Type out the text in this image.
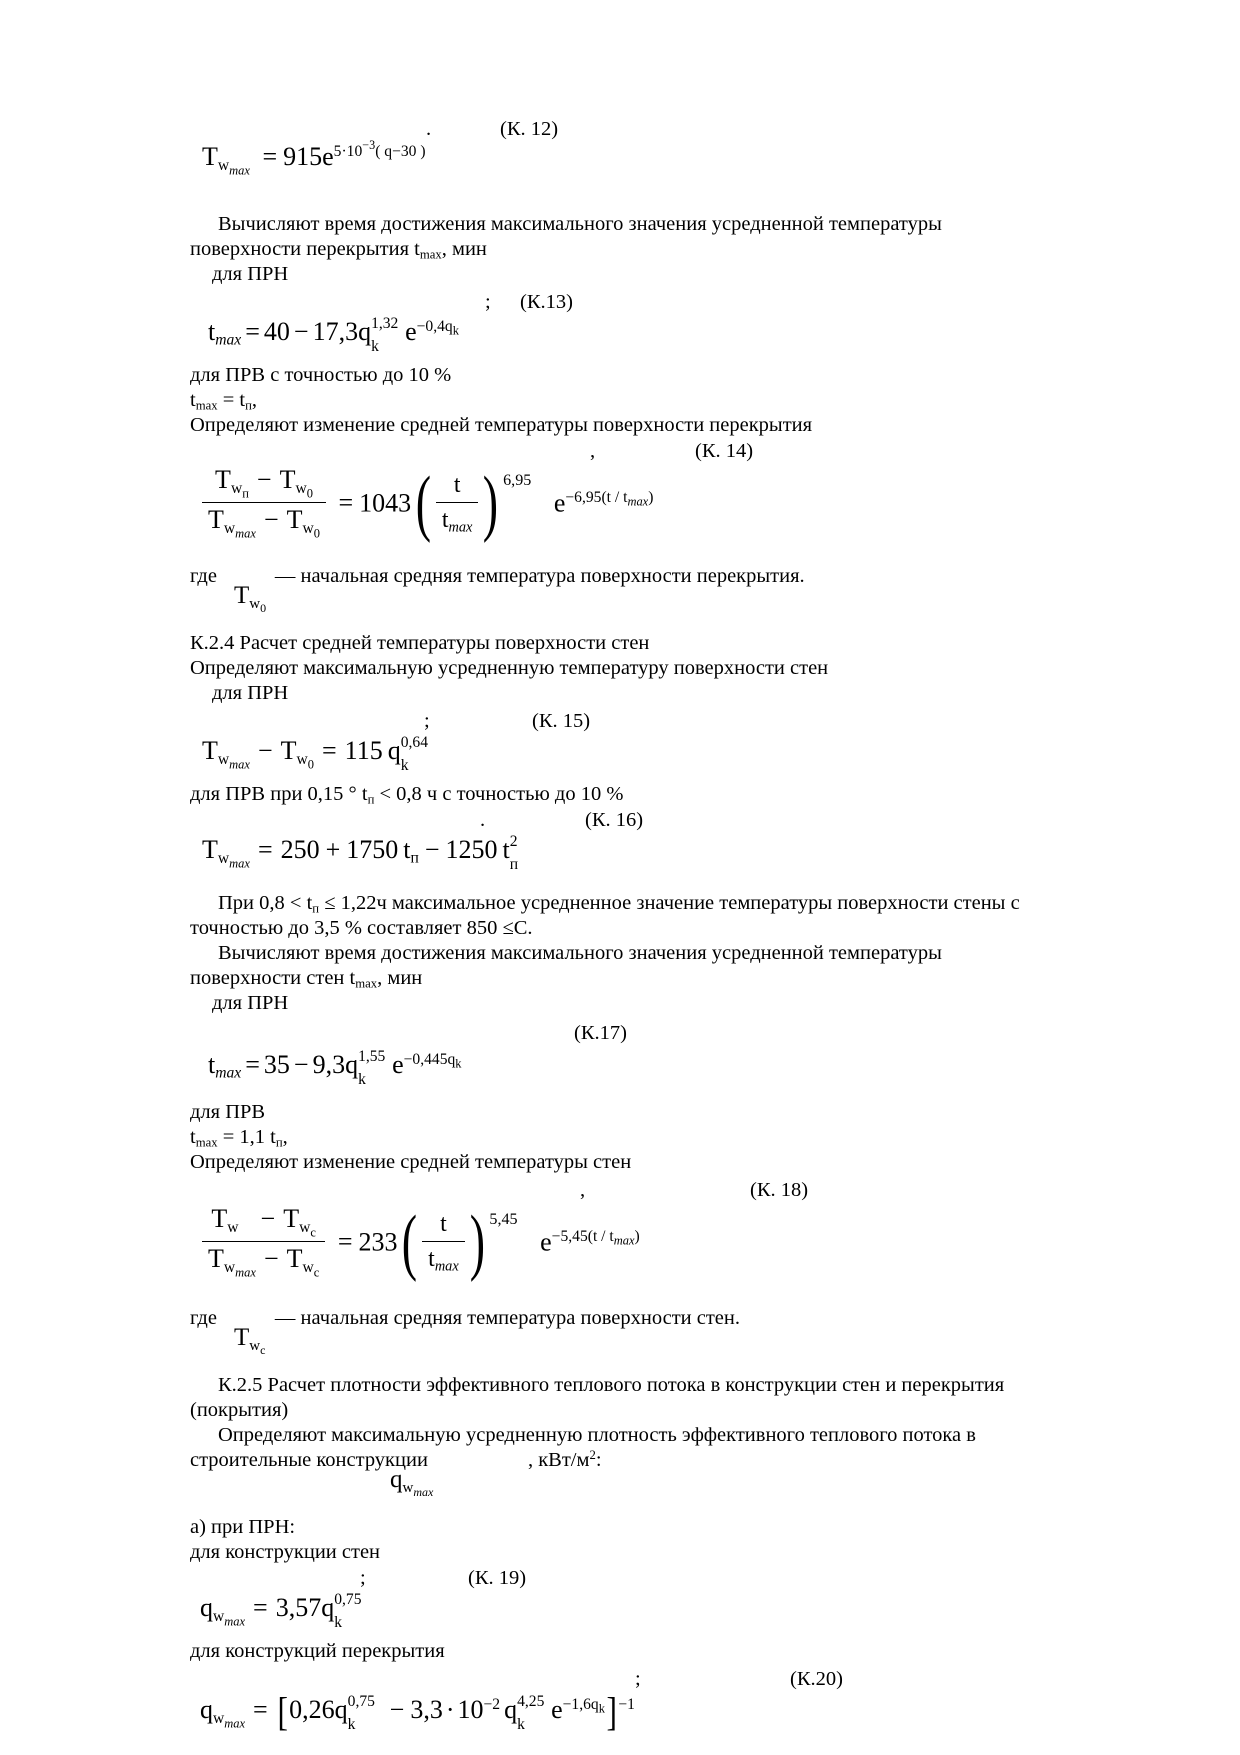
.	(К. 12)
$Tw_{max} = 915e^{5\cdot 10^{-3}( q-30 )}$

Вычисляют время достижения максимального значения усредненной температуры

поверхности перекрытия $t_{max}$, мин

для ПРН

; (К.13)
$t_{max} = 40 - 17,3q$ 1,32
k
$e^{-0,4q_k}$

для ПРВ с точностью до 10 %

$t_{max} = t_п$,

Определяют изменение средней температуры поверхности перекрытия

,	(К. 14)
$\frac{Tw_п - Tw_0}{Tw_{max} - Tw_0} = 1043( \frac{t}{t_{max}}$ ) 6,95 $e^{-6,95(t / t_{max})}$

где	— начальная средняя температура поверхности перекрытия.

$Tw_0$

К.2.4 Расчет средней температуры поверхности стен

Определяют максимальную усредненную температуру поверхности стен

для ПРН

;	(К. 15)
$Tw_{max} - Tw_0 = 115$ q 0,64
k

для ПРВ при 0,15 ° $t_п < 0,8$ ч с точностью до 10 %

.	(К. 16)
$Tw_{max} = 250 + 1750$ $t_п - 1250$ t 2
п

При $0,8 < t_п \le 1,22ч$ максимальное усредненное значение температуры поверхности стены с

точностью до 3,5 % составляет 850 ≤С.

Вычисляют время достижения максимального значения усредненной температуры

поверхности стен $t_{max}$, мин

для ПРН

(К.17)
$t_{max} = 35 - 9,3q$ 1,55
k
$e^{-0,445q_k}$

для ПРВ

$t_{max} = 1,1$ $t_п$,

Определяют изменение средней температуры стен

,	(К. 18)
$\frac{Tw - Tw_c}{Tw_{max} - Tw_c} = 233( \frac{t}{t_{max}}$ ) 5,45 $e^{-5,45(t / t_{max})}$

где	— начальная средняя температура поверхности стен.

$Tw_c$

К.2.5 Расчет плотности эффективного теплового потока в конструкции стен и перекрытия

(покрытия)

Определяют максимальную усредненную плотность эффективного теплового потока в

строительные конструкции	, кВт/$м^2$:

$qw_{max}$

а) при ПРН:

для конструкции стен

;	(К. 19)
$qw_{max} = 3,57q$ 0,75
k

для конструкций перекрытия

;	(К.20)
$qw_{max} = [0,26q$ 0,75
k
− $3,3 \cdot 10^{-2}$ q 4,25
k
$e^{-1,6q_k}]^{-1}$
